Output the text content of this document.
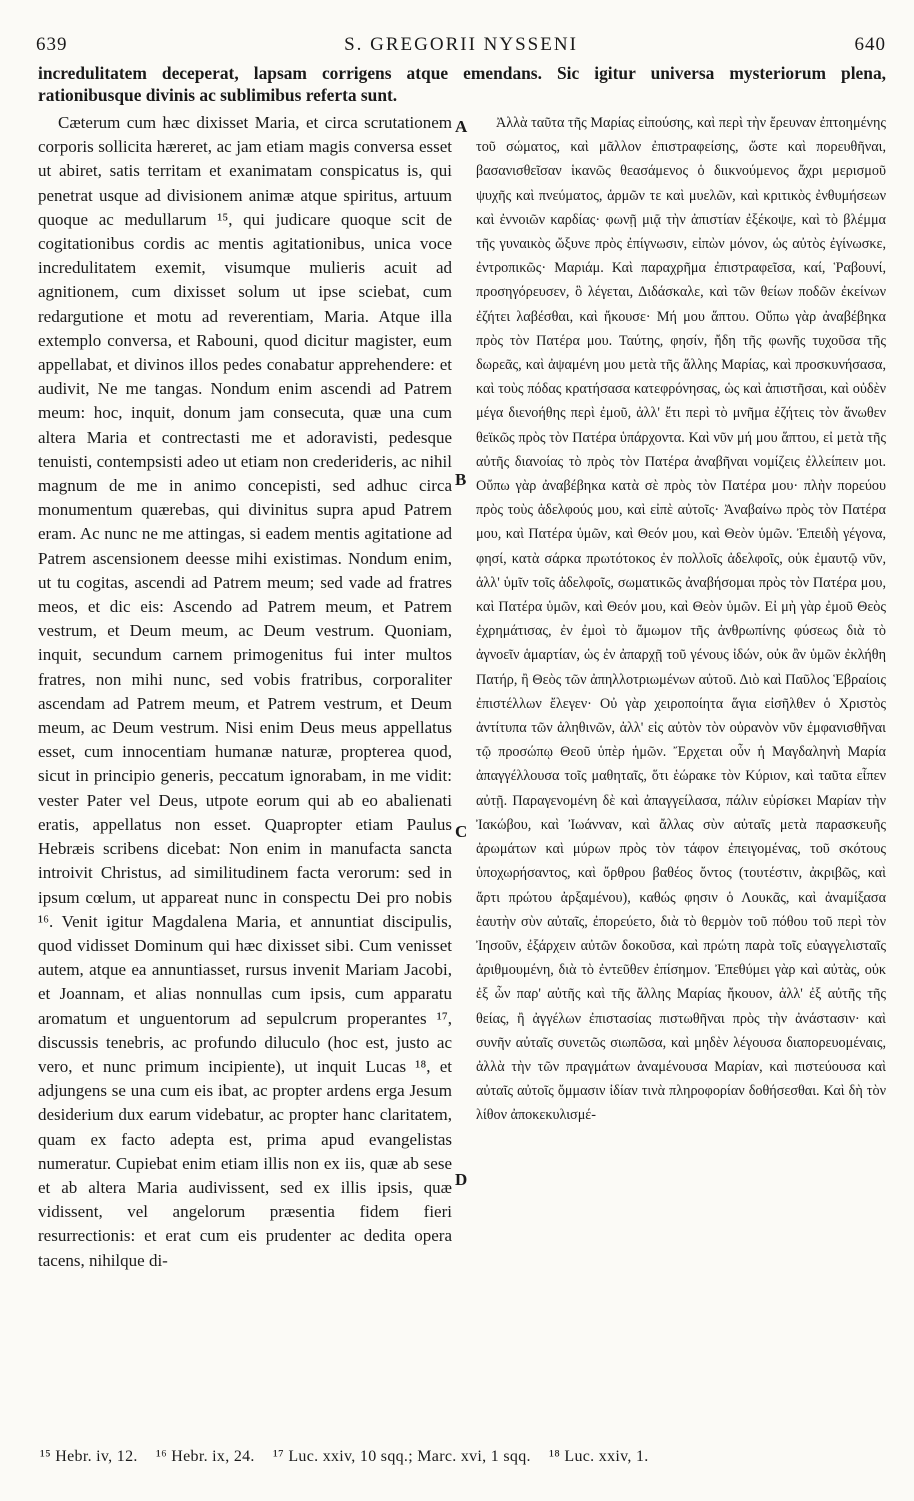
639	S. GREGORII NYSSENI	640

incredulitatem deceperat, lapsam corrigens atque emendans. Sic igitur universa mysteriorum plena, rationibusque divinis ac sublimibus referta sunt.

Cæterum cum hæc dixisset Maria, et circa scrutationem corporis sollicita hæreret, ac jam etiam magis conversa esset ut abiret, satis territam et exanimatam conspicatus is, qui penetrat usque ad divisionem animæ atque spiritus, artuum quoque ac medullarum ¹⁵, qui judicare quoque scit de cogitationibus cordis ac mentis agitationibus, unica voce incredulitatem exemit, visumque mulieris acuit ad agnitionem, cum dixisset solum ut ipse sciebat, cum redargutione et motu ad reverentiam, Maria. Atque illa extemplo conversa, et Rabouni, quod dicitur magister, eum appellabat, et divinos illos pedes conabatur apprehendere: et audivit, Ne me tangas. Nondum enim ascendi ad Patrem meum: hoc, inquit, donum jam consecuta, quæ una cum altera Maria et contrectasti me et adoravisti, pedesque tenuisti, contempsisti adeo ut etiam non crederideris, ac nihil magnum de me in animo concepisti, sed adhuc circa monumentum quærebas, qui divinitus supra apud Patrem eram. Ac nunc ne me attingas, si eadem mentis agitatione ad Patrem ascensionem deesse mihi existimas. Nondum enim, ut tu cogitas, ascendi ad Patrem meum; sed vade ad fratres meos, et dic eis: Ascendo ad Patrem meum, et Patrem vestrum, et Deum meum, ac Deum vestrum. Quoniam, inquit, secundum carnem primogenitus fui inter multos fratres, non mihi nunc, sed vobis fratribus, corporaliter ascendam ad Patrem meum, et Patrem vestrum, et Deum meum, ac Deum vestrum. Nisi enim Deus meus appellatus esset, cum innocentiam humanæ naturæ, propterea quod, sicut in principio generis, peccatum ignorabam, in me vidit: vester Pater vel Deus, utpote eorum qui ab eo abalienati eratis, appellatus non esset. Quapropter etiam Paulus Hebræis scribens dicebat: Non enim in manufacta sancta introivit Christus, ad similitudinem facta verorum: sed in ipsum cœlum, ut appareat nunc in conspectu Dei pro nobis ¹⁶. Venit igitur Magdalena Maria, et annuntiat discipulis, quod vidisset Dominum qui hæc dixisset sibi. Cum venisset autem, atque ea annuntiasset, rursus invenit Mariam Jacobi, et Joannam, et alias nonnullas cum ipsis, cum apparatu aromatum et unguentorum ad sepulcrum properantes ¹⁷, discussis tenebris, ac profundo diluculo (hoc est, justo ac vero, et nunc primum incipiente), ut inquit Lucas ¹⁸, et adjungens se una cum eis ibat, ac propter ardens erga Jesum desiderium dux earum videbatur, ac propter hanc claritatem, quam ex facto adepta est, prima apud evangelistas numeratur. Cupiebat enim etiam illis non ex iis, quæ ab sese et ab altera Maria audivissent, sed ex illis ipsis, quæ vidissent, vel angelorum præsentia fidem fieri resurrectionis: et erat cum eis prudenter ac dedita opera tacens, nihilque di-

Ἀλλὰ ταῦτα τῆς Μαρίας εἰπούσης, καὶ περὶ τὴν ἔρευναν ἐπτοημένης τοῦ σώματος, καὶ μᾶλλον ἐπιστραφείσης, ὥστε καὶ πορευθῆναι, βασανισθεῖσαν ἱκανῶς θεασάμενος ὁ διικνούμενος ἄχρι μερισμοῦ ψυχῆς καὶ πνεύματος, ἁρμῶν τε καὶ μυελῶν, καὶ κριτικὸς ἐνθυμήσεων καὶ ἐννοιῶν καρδίας· φωνῇ μιᾷ τὴν ἀπιστίαν ἐξέκοψε, καὶ τὸ βλέμμα τῆς γυναικὸς ὤξυνε πρὸς ἐπίγνωσιν, εἰπὼν μόνον, ὡς αὐτὸς ἐγίνωσκε, ἐντροπικῶς· Μαριάμ. Καὶ παραχρῆμα ἐπιστραφεῖσα, καί, Ῥαβουνί, προσηγόρευσεν, ὃ λέγεται, Διδάσκαλε, καὶ τῶν θείων ποδῶν ἐκείνων ἐζήτει λαβέσθαι, καὶ ἤκουσε· Μή μου ἅπτου. Οὔπω γὰρ ἀναβέβηκα πρὸς τὸν Πατέρα μου. Ταύτης, φησίν, ἤδη τῆς φωνῆς τυχοῦσα τῆς δωρεᾶς, καὶ ἀψαμένη μου μετὰ τῆς ἄλλης Μαρίας, καὶ προσκυνήσασα, καὶ τοὺς πόδας κρατήσασα κατεφρόνησας, ὡς καὶ ἀπιστῆσαι, καὶ οὐδὲν μέγα διενοήθης περὶ ἐμοῦ, ἀλλ' ἔτι περὶ τὸ μνῆμα ἐζήτεις τὸν ἄνωθεν θεϊκῶς πρὸς τὸν Πατέρα ὑπάρχοντα. Καὶ νῦν μή μου ἅπτου, εἰ μετὰ τῆς αὐτῆς διανοίας τὸ πρὸς τὸν Πατέρα ἀναβῆναι νομίζεις ἐλλείπειν μοι. Οὔπω γὰρ ἀναβέβηκα κατὰ σὲ πρὸς τὸν Πατέρα μου· πλὴν πορεύου πρὸς τοὺς ἀδελφούς μου, καὶ εἰπὲ αὐτοῖς· Ἀναβαίνω πρὸς τὸν Πατέρα μου, καὶ Πατέρα ὑμῶν, καὶ Θεόν μου, καὶ Θεὸν ὑμῶν. Ἐπειδὴ γέγονα, φησί, κατὰ σάρκα πρωτότοκος ἐν πολλοῖς ἀδελφοῖς, οὐκ ἐμαυτῷ νῦν, ἀλλ' ὑμῖν τοῖς ἀδελφοῖς, σωματικῶς ἀναβήσομαι πρὸς τὸν Πατέρα μου, καὶ Πατέρα ὑμῶν, καὶ Θεόν μου, καὶ Θεὸν ὑμῶν. Εἰ μὴ γὰρ ἐμοῦ Θεὸς ἐχρημάτισας, ἐν ἐμοὶ τὸ ἄμωμον τῆς ἀνθρωπίνης φύσεως διὰ τὸ ἀγνοεῖν ἁμαρτίαν, ὡς ἐν ἀπαρχῇ τοῦ γένους ἰδών, οὐκ ἂν ὑμῶν ἐκλήθη Πατήρ, ἢ Θεὸς τῶν ἀπηλλοτριωμένων αὐτοῦ. Διὸ καὶ Παῦλος Ἑβραίοις ἐπιστέλλων ἔλεγεν· Οὐ γὰρ χειροποίητα ἅγια εἰσῆλθεν ὁ Χριστὸς ἀντίτυπα τῶν ἀληθινῶν, ἀλλ' εἰς αὐτὸν τὸν οὐρανὸν νῦν ἐμφανισθῆναι τῷ προσώπῳ Θεοῦ ὑπὲρ ἡμῶν. Ἔρχεται οὖν ἡ Μαγδαληνὴ Μαρία ἀπαγγέλλουσα τοῖς μαθηταῖς, ὅτι ἑώρακε τὸν Κύριον, καὶ ταῦτα εἶπεν αὐτῇ. Παραγενομένη δὲ καὶ ἀπαγγείλασα, πάλιν εὑρίσκει Μαρίαν τὴν Ἰακώβου, καὶ Ἰωάνναν, καὶ ἄλλας σὺν αὐταῖς μετὰ παρασκευῆς ἀρωμάτων καὶ μύρων πρὸς τὸν τάφον ἐπειγομένας, τοῦ σκότους ὑποχωρήσαντος, καὶ ὄρθρου βαθέος ὄντος (τουτέστιν, ἀκριβῶς, καὶ ἄρτι πρώτου ἀρξαμένου), καθώς φησιν ὁ Λουκᾶς, καὶ ἀναμίξασα ἑαυτὴν σὺν αὐταῖς, ἐπορεύετο, διὰ τὸ θερμὸν τοῦ πόθου τοῦ περὶ τὸν Ἰησοῦν, ἐξάρχειν αὐτῶν δοκοῦσα, καὶ πρώτη παρὰ τοῖς εὐαγγελισταῖς ἀριθμουμένη, διὰ τὸ ἐντεῦθεν ἐπίσημον. Ἐπεθύμει γὰρ καὶ αὐτὰς, οὐκ ἐξ ὧν παρ' αὐτῆς καὶ τῆς ἄλλης Μαρίας ἤκουον, ἀλλ' ἐξ αὐτῆς τῆς θείας, ἢ ἀγγέλων ἐπιστασίας πιστωθῆναι πρὸς τὴν ἀνάστασιν· καὶ συνῆν αὐταῖς συνετῶς σιωπῶσα, καὶ μηδὲν λέγουσα διαπορευομέναις, ἀλλὰ τὴν τῶν πραγμάτων ἀναμένουσα Μαρίαν, καὶ πιστεύουσα καὶ αὐταῖς αὐτοῖς ὄμμασιν ἰδίαν τινὰ πληροφορίαν δοθήσεσθαι. Καὶ δὴ τὸν λίθον ἀποκεκυλισμέ-

A
B
C
D
¹⁵ Hebr. iv, 12. ¹⁶ Hebr. ix, 24. ¹⁷ Luc. xxiv, 10 sqq.; Marc. xvi, 1 sqq. ¹⁸ Luc. xxiv, 1.
